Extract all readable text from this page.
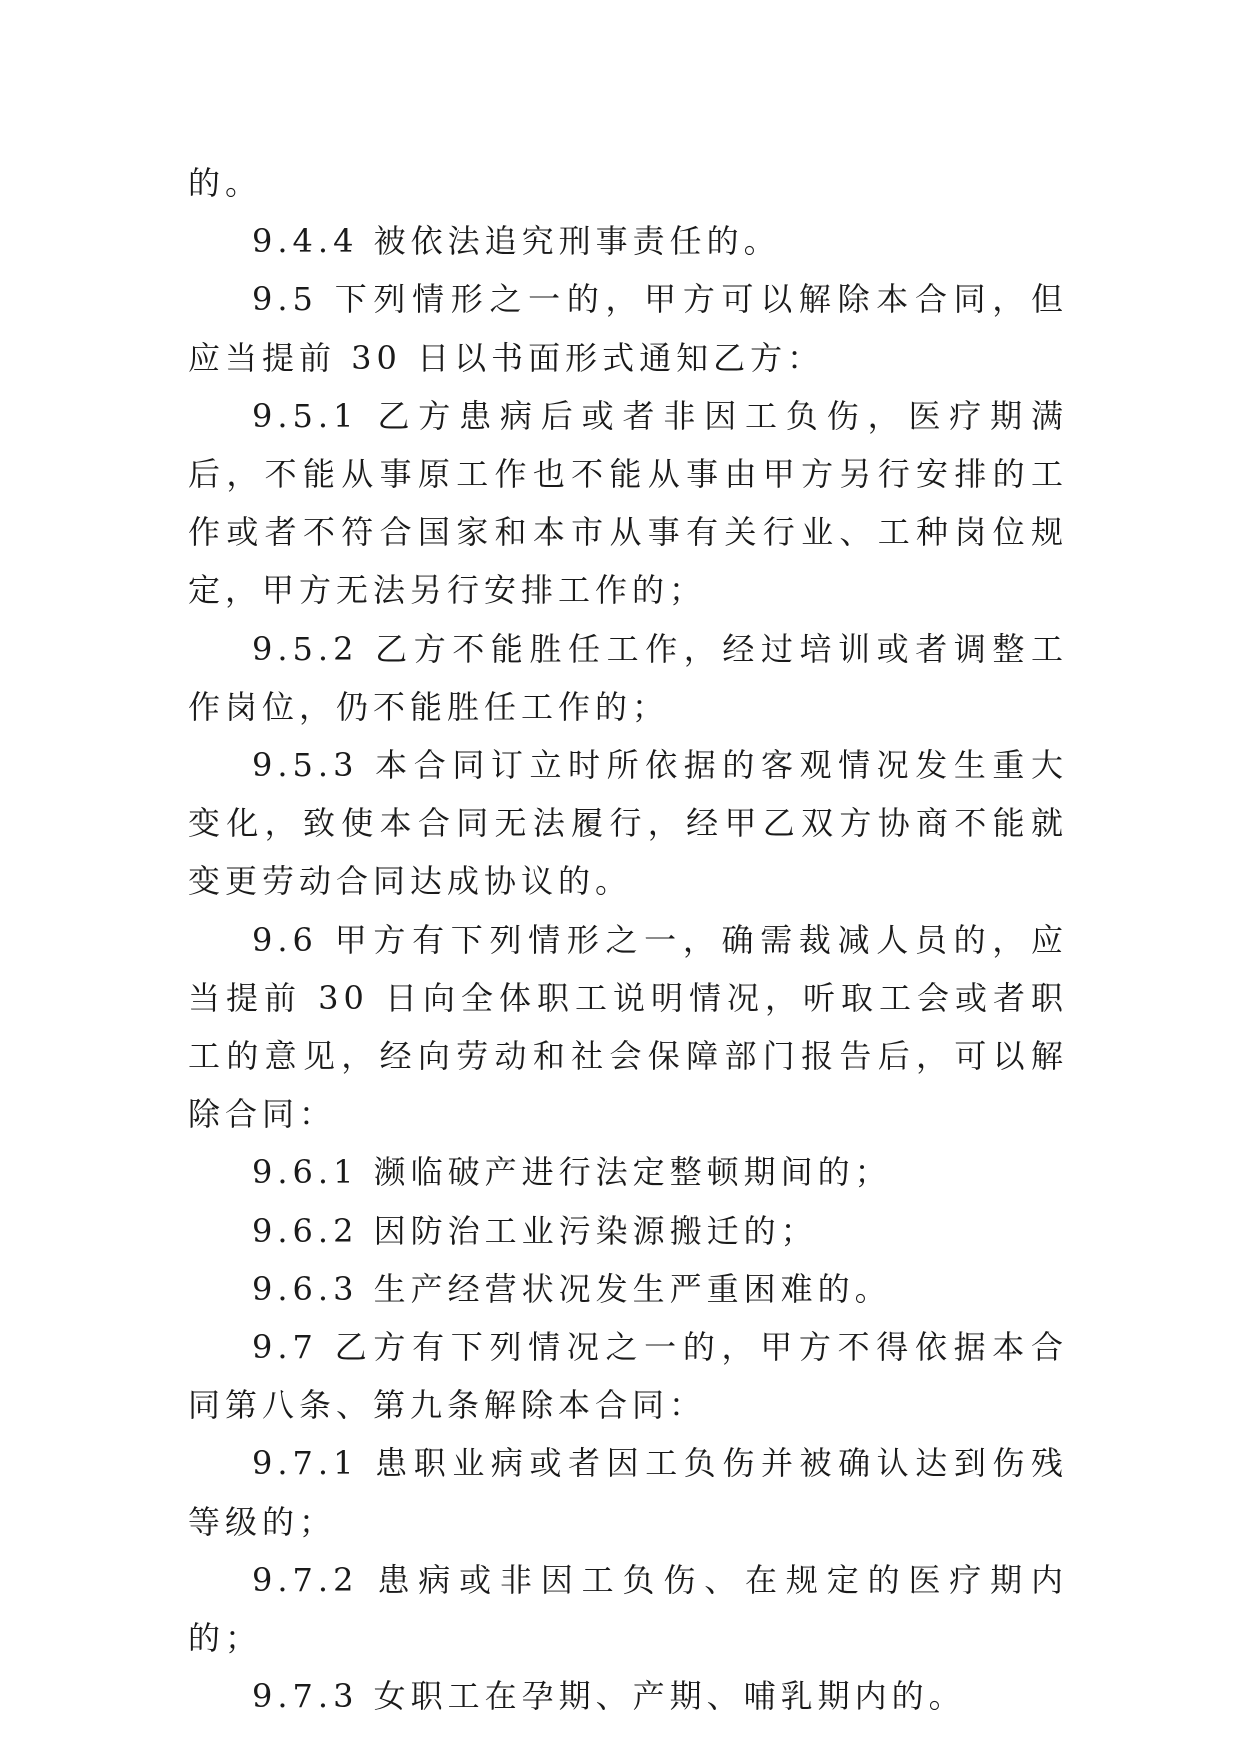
的。

9.4.4 被依法追究刑事责任的。

9.5 下列情形之一的，甲方可以解除本合同，但应当提前 30 日以书面形式通知乙方：

9.5.1 乙方患病后或者非因工负伤，医疗期满后，不能从事原工作也不能从事由甲方另行安排的工作或者不符合国家和本市从事有关行业、工种岗位规定，甲方无法另行安排工作的；

9.5.2 乙方不能胜任工作，经过培训或者调整工作岗位，仍不能胜任工作的；

9.5.3 本合同订立时所依据的客观情况发生重大变化，致使本合同无法履行，经甲乙双方协商不能就变更劳动合同达成协议的。

9.6 甲方有下列情形之一，确需裁减人员的，应当提前 30 日向全体职工说明情况，听取工会或者职工的意见，经向劳动和社会保障部门报告后，可以解除合同：

9.6.1 濒临破产进行法定整顿期间的；

9.6.2 因防治工业污染源搬迁的；

9.6.3 生产经营状况发生严重困难的。

9.7 乙方有下列情况之一的，甲方不得依据本合同第八条、第九条解除本合同：

9.7.1 患职业病或者因工负伤并被确认达到伤残等级的；

9.7.2 患病或非因工负伤、在规定的医疗期内的；

9.7.3 女职工在孕期、产期、哺乳期内的。
